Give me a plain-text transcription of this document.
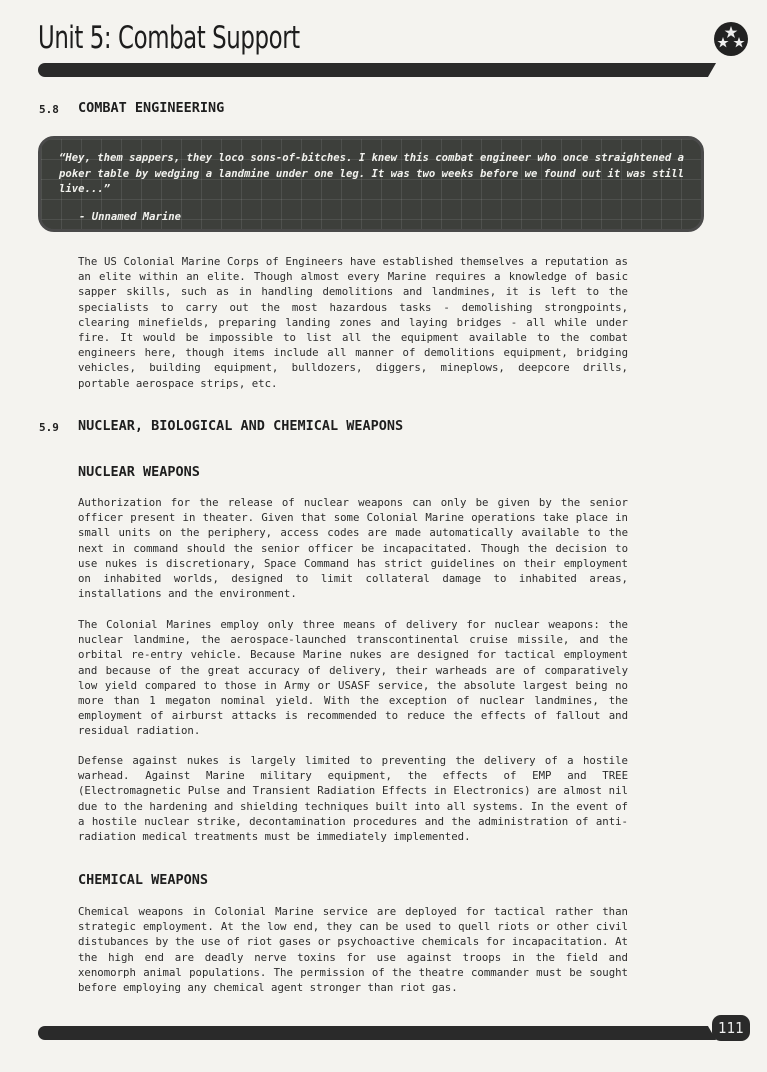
Unit 5: Combat Support
5.8 COMBAT ENGINEERING

“Hey, them sappers, they loco sons-of-bitches. I knew this combat engineer who once straightened a poker table by wedging a landmine under one leg. It was two weeks before we found out it was still live...”

- Unnamed Marine

The US Colonial Marine Corps of Engineers have established themselves a reputation as an elite within an elite. Though almost every Marine requires a knowledge of basic sapper skills, such as in handling demolitions and landmines, it is left to the specialists to carry out the most hazardous tasks - demolishing strongpoints, clearing minefields, preparing landing zones and laying bridges - all while under fire. It would be impossible to list all the equipment available to the combat engineers here, though items include all manner of demolitions equipment, bridging vehicles, building equipment, bulldozers, diggers, mineplows, deepcore drills, portable aerospace strips, etc.

5.9 NUCLEAR, BIOLOGICAL AND CHEMICAL WEAPONS
NUCLEAR WEAPONS

Authorization for the release of nuclear weapons can only be given by the senior officer present in theater. Given that some Colonial Marine operations take place in small units on the periphery, access codes are made automatically available to the next in command should the senior officer be incapacitated. Though the decision to use nukes is discretionary, Space Command has strict guidelines on their employment on inhabited worlds, designed to limit collateral damage to inhabited areas, installations and the environment.

The Colonial Marines employ only three means of delivery for nuclear weapons: the nuclear landmine, the aerospace-launched transcontinental cruise missile, and the orbital re-entry vehicle. Because Marine nukes are designed for tactical employment and because of the great accuracy of delivery, their warheads are of comparatively low yield compared to those in Army or USASF service, the absolute largest being no more than 1 megaton nominal yield. With the exception of nuclear landmines, the employment of airburst attacks is recommended to reduce the effects of fallout and residual radiation.

Defense against nukes is largely limited to preventing the delivery of a hostile warhead. Against Marine military equipment, the effects of EMP and TREE (Electromagnetic Pulse and Transient Radiation Effects in Electronics) are almost nil due to the hardening and shielding techniques built into all systems. In the event of a hostile nuclear strike, decontamination procedures and the administration of anti-radiation medical treatments must be immediately implemented.

CHEMICAL WEAPONS

Chemical weapons in Colonial Marine service are deployed for tactical rather than strategic employment. At the low end, they can be used to quell riots or other civil distubances by the use of riot gases or psychoactive chemicals for incapacitation. At the high end are deadly nerve toxins for use against troops in the field and xenomorph animal populations. The permission of the theatre commander must be sought before employing any chemical agent stronger than riot gas.

111
